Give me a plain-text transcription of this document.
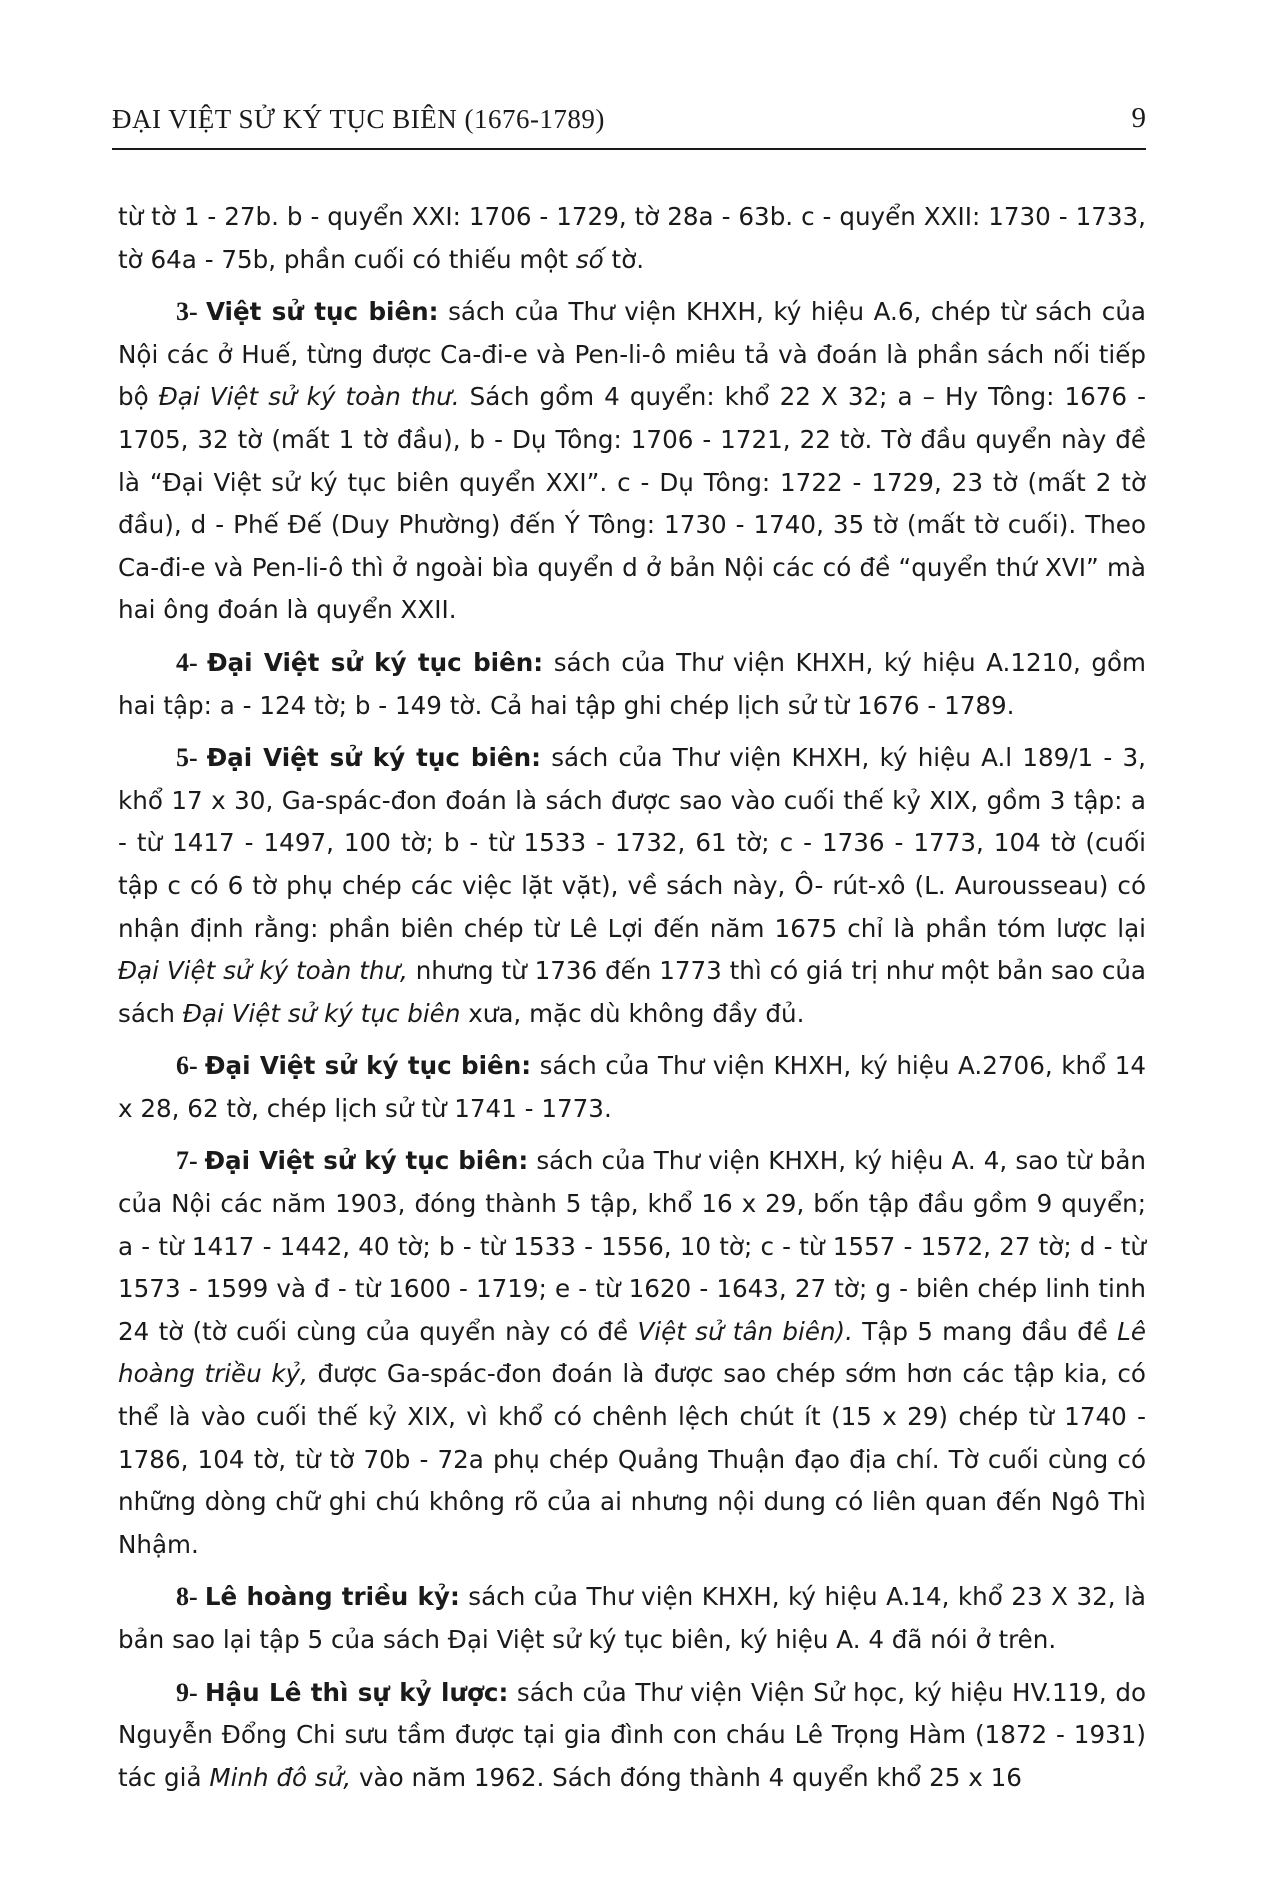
ĐẠI VIỆT SỬ KÝ TỤC BIÊN (1676-1789)	9

từ tờ 1 - 27b. b - quyển XXI: 1706 - 1729, tờ 28a - 63b. c - quyển XXII: 1730 - 1733, tờ 64a - 75b, phần cuối có thiếu một số tờ.

3- Việt sử tục biên: sách của Thư viện KHXH, ký hiệu A.6, chép từ sách của Nội các ở Huế, từng được Ca-đi-e và Pen-li-ô miêu tả và đoán là phần sách nối tiếp bộ Đại Việt sử ký toàn thư. Sách gồm 4 quyển: khổ 22 X 32; a – Hy Tông: 1676 - 1705, 32 tờ (mất 1 tờ đầu), b - Dụ Tông: 1706 - 1721, 22 tờ. Tờ đầu quyển này đề là “Đại Việt sử ký tục biên quyển XXI”. c - Dụ Tông: 1722 - 1729, 23 tờ (mất 2 tờ đầu), d - Phế Đế (Duy Phường) đến Ý Tông: 1730 - 1740, 35 tờ (mất tờ cuối). Theo Ca-đi-e và Pen-li-ô thì ở ngoài bìa quyển d ở bản Nội các có đề “quyển thứ XVI” mà hai ông đoán là quyển XXII.

4- Đại Việt sử ký tục biên: sách của Thư viện KHXH, ký hiệu A.1210, gồm hai tập: a - 124 tờ; b - 149 tờ. Cả hai tập ghi chép lịch sử từ 1676 - 1789.

5- Đại Việt sử ký tục biên: sách của Thư viện KHXH, ký hiệu A.l 189/1 - 3, khổ 17 x 30, Ga-spác-đon đoán là sách được sao vào cuối thế kỷ XIX, gồm 3 tập: a - từ 1417 - 1497, 100 tờ; b - từ 1533 - 1732, 61 tờ; c - 1736 - 1773, 104 tờ (cuối tập c có 6 tờ phụ chép các việc lặt vặt), về sách này, Ô- rút-xô (L. Aurousseau) có nhận định rằng: phần biên chép từ Lê Lợi đến năm 1675 chỉ là phần tóm lược lại Đại Việt sử ký toàn thư, nhưng từ 1736 đến 1773 thì có giá trị như một bản sao của sách Đại Việt sử ký tục biên xưa, mặc dù không đầy đủ.

6- Đại Việt sử ký tục biên: sách của Thư viện KHXH, ký hiệu A.2706, khổ 14 x 28, 62 tờ, chép lịch sử từ 1741 - 1773.

7- Đại Việt sử ký tục biên: sách của Thư viện KHXH, ký hiệu A. 4, sao từ bản của Nội các năm 1903, đóng thành 5 tập, khổ 16 x 29, bốn tập đầu gồm 9 quyển; a - từ 1417 - 1442, 40 tờ; b - từ 1533 - 1556, 10 tờ; c - từ 1557 - 1572, 27 tờ; d - từ 1573 - 1599 và đ - từ 1600 - 1719; e - từ 1620 - 1643, 27 tờ; g - biên chép linh tinh 24 tờ (tờ cuối cùng của quyển này có đề Việt sử tân biên). Tập 5 mang đầu đề Lê hoàng triều kỷ, được Ga-spác-đon đoán là được sao chép sớm hơn các tập kia, có thể là vào cuối thế kỷ XIX, vì khổ có chênh lệch chút ít (15 x 29) chép từ 1740 - 1786, 104 tờ, từ tờ 70b - 72a phụ chép Quảng Thuận đạo địa chí. Tờ cuối cùng có những dòng chữ ghi chú không rõ của ai nhưng nội dung có liên quan đến Ngô Thì Nhậm.

8- Lê hoàng triều kỷ: sách của Thư viện KHXH, ký hiệu A.14, khổ 23 X 32, là bản sao lại tập 5 của sách Đại Việt sử ký tục biên, ký hiệu A. 4 đã nói ở trên.

9- Hậu Lê thì sự kỷ lược: sách của Thư viện Viện Sử học, ký hiệu HV.119, do Nguyễn Đổng Chi sưu tầm được tại gia đình con cháu Lê Trọng Hàm (1872 - 1931) tác giả Minh đô sử, vào năm 1962. Sách đóng thành 4 quyển khổ 25 x 16
